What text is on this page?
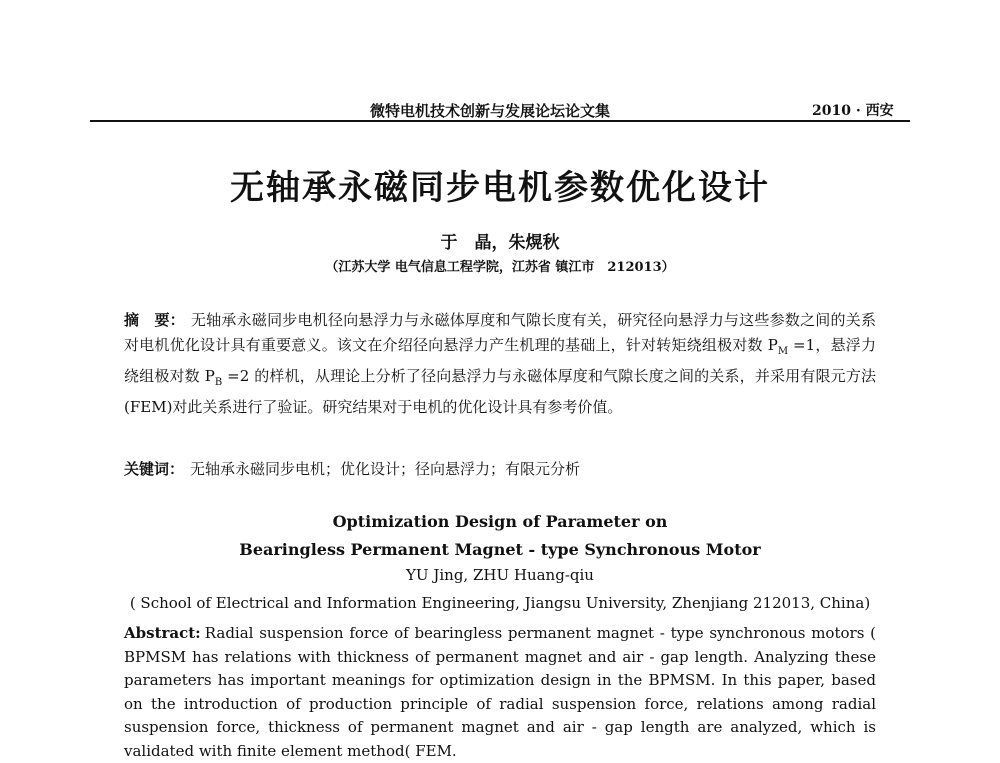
微特电机技术创新与发展论坛论文集	2010 · 西安
无轴承永磁同步电机参数优化设计
于　晶，朱熀秋
（江苏大学 电气信息工程学院，江苏省 镇江市　212013）
摘　要： 无轴承永磁同步电机径向悬浮力与永磁体厚度和气隙长度有关，研究径向悬浮力与这些参数之间的关系对电机优化设计具有重要意义。该文在介绍径向悬浮力产生机理的基础上，针对转矩绕组极对数 $P_M =1$，悬浮力绕组极对数 $P_B =2$ 的样机，从理论上分析了径向悬浮力与永磁体厚度和气隙长度之间的关系，并采用有限元方法(FEM)对此关系进行了验证。研究结果对于电机的优化设计具有参考价值。
关键词： 无轴承永磁同步电机；优化设计；径向悬浮力；有限元分析
Optimization Design of Parameter on
Bearingless Permanent Magnet - type Synchronous Motor
YU Jing, ZHU Huang-qiu
( School of Electrical and Information Engineering, Jiangsu University, Zhenjiang 212013, China)
Abstract: Radial suspension force of bearingless permanent magnet - type synchronous motors ( BPMSM has relations with thickness of permanent magnet and air - gap length. Analyzing these parameters has important meanings for optimization design in the BPMSM. In this paper, based on the introduction of production principle of radial suspension force, relations among radial suspension force, thickness of permanent magnet and air - gap length are analyzed, which is validated with finite element method( FEM.
